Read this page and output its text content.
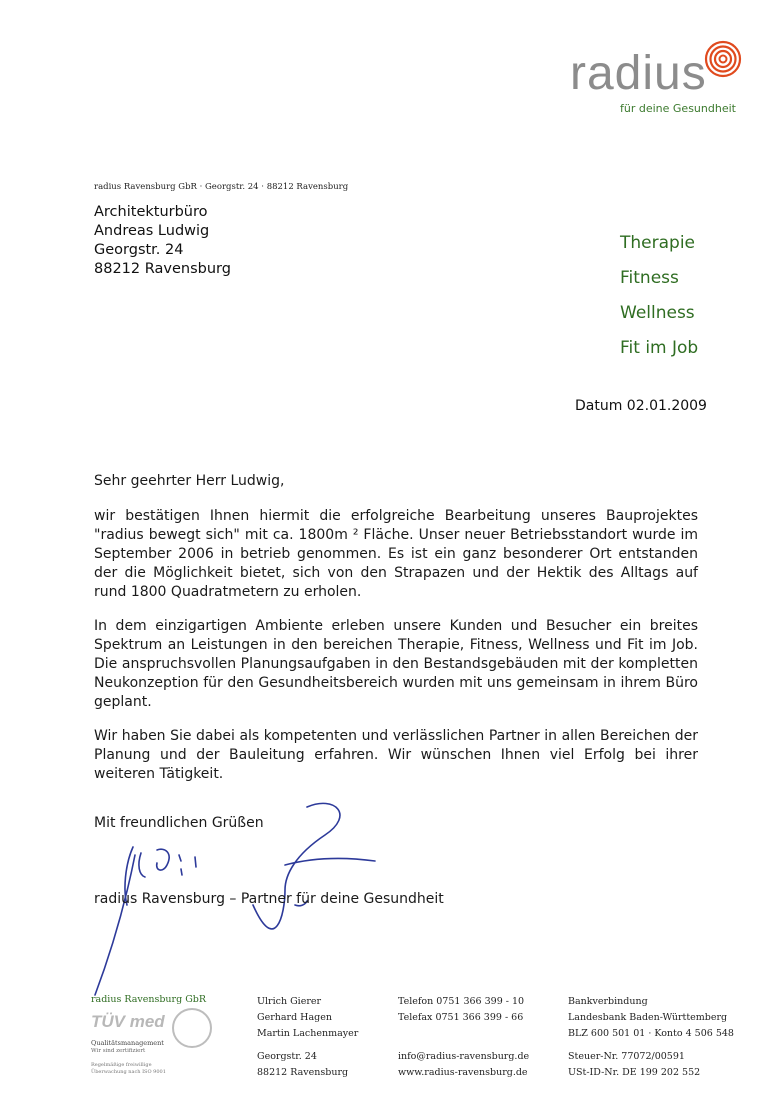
radius
für deine Gesundheit
radius Ravensburg GbR · Georgstr. 24 · 88212 Ravensburg
Architekturbüro
Andreas Ludwig
Georgstr. 24
88212 Ravensburg
Therapie
Fitness
Wellness
Fit im Job
Datum 02.01.2009
Sehr geehrter Herr Ludwig,
wir bestätigen Ihnen hiermit die erfolgreiche Bearbeitung unseres Bauprojektes "radius bewegt sich" mit ca. 1800m ² Fläche. Unser neuer Betriebsstandort wurde im September 2006 in betrieb genommen. Es ist ein ganz besonderer Ort entstanden der die Möglichkeit bietet, sich von den Strapazen und der Hektik des Alltags auf rund 1800 Quadratmetern zu erholen.
In dem einzigartigen Ambiente erleben unsere Kunden und Besucher ein breites Spektrum an Leistungen in den bereichen Therapie, Fitness, Wellness und Fit im Job. Die anspruchsvollen Planungsaufgaben in den Bestandsgebäuden mit der kompletten Neukonzeption für den Gesundheitsbereich wurden mit uns gemeinsam in ihrem Büro geplant.
Wir haben Sie dabei als kompetenten und verlässlichen Partner in allen Bereichen der Planung und der Bauleitung erfahren. Wir wünschen Ihnen viel Erfolg bei ihrer weiteren Tätigkeit.
Mit freundlichen Grüßen
radius Ravensburg – Partner für deine Gesundheit
radius Ravensburg GbR
TÜV med
Qualitätsmanagement
Wir sind zertifiziert
Regelmäßige freiwillige
Überwachung nach ISO 9001
Ulrich Gierer
Gerhard Hagen
Martin Lachenmayer
Georgstr. 24
88212 Ravensburg
Telefon 0751 366 399 - 10
Telefax 0751 366 399 - 66
info@radius-ravensburg.de
www.radius-ravensburg.de
Bankverbindung
Landesbank Baden-Württemberg
BLZ 600 501 01 · Konto 4 506 548
Steuer-Nr. 77072/00591
USt-ID-Nr. DE 199 202 552
